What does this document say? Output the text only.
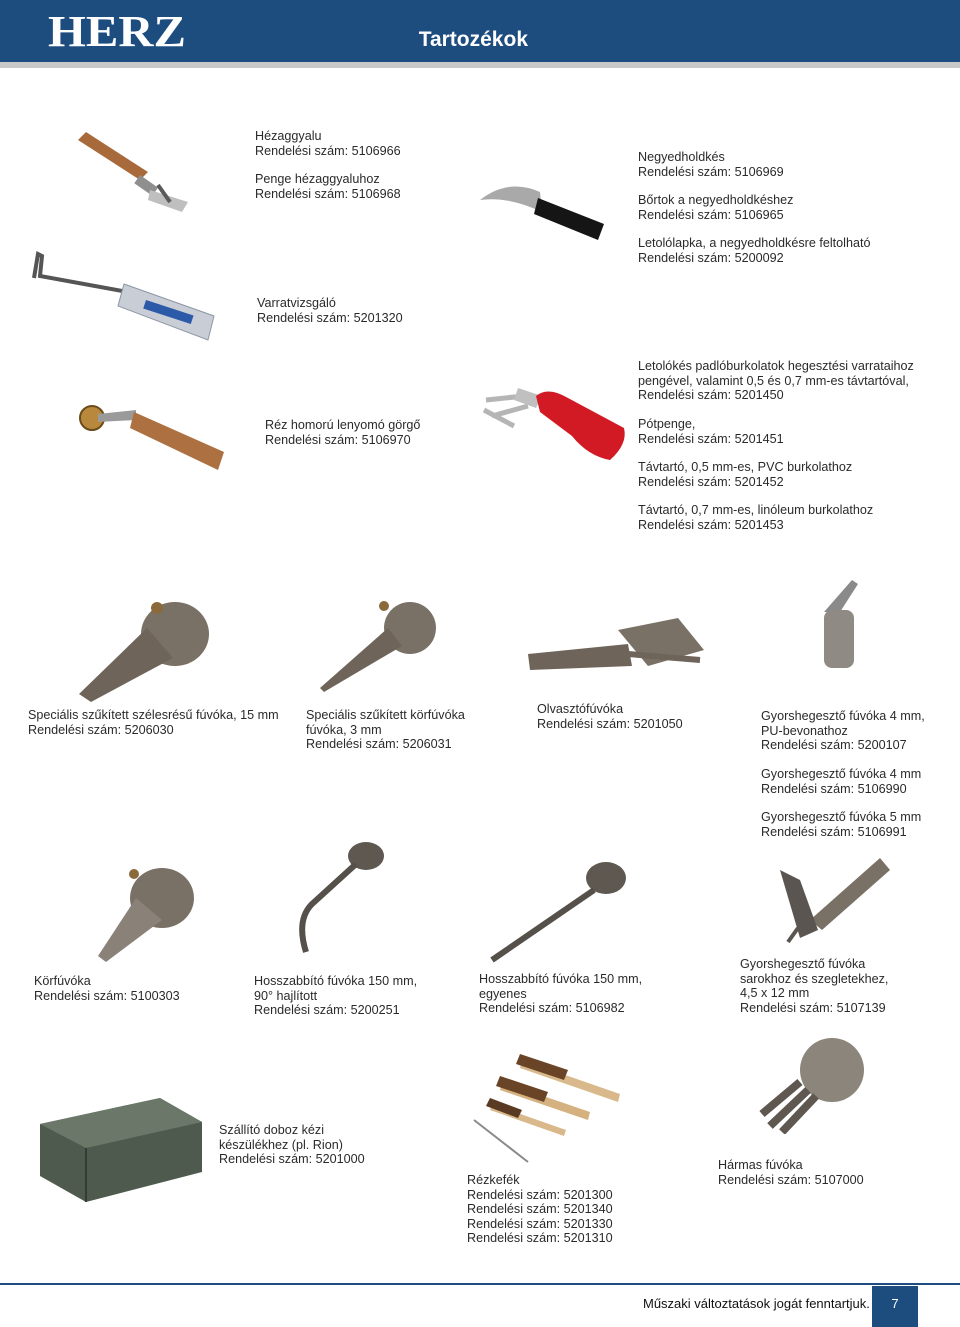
HERZ	Tartozékok
Hézaggyalu
Rendelési szám: 5106966
Penge hézaggyaluhoz
Rendelési szám: 5106968
Negyedholdkés
Rendelési szám: 5106969
Bőrtok a negyedholdkéshez
Rendelési szám: 5106965
Letolólapka, a negyedholdkésre feltolható
Rendelési szám: 5200092
Varratvizsgáló
Rendelési szám: 5201320
Réz homorú lenyomó görgő
Rendelési szám: 5106970
Letolókés padlóburkolatok hegesztési varrataihoz
pengével, valamint 0,5 és 0,7 mm-es távtartóval,
Rendelési szám: 5201450
Pótpenge,
Rendelési szám: 5201451
Távtartó, 0,5 mm-es, PVC burkolathoz
Rendelési szám: 5201452
Távtartó, 0,7 mm-es, linóleum burkolathoz
Rendelési szám: 5201453
Speciális szűkített szélesrésű fúvóka, 15 mm
Rendelési szám: 5206030
Speciális szűkített körfúvóka
fúvóka, 3 mm
Rendelési szám: 5206031
Olvasztófúvóka
Rendelési szám: 5201050
Gyorshegesztő fúvóka 4 mm,
PU-bevonathoz
Rendelési szám: 5200107
Gyorshegesztő fúvóka 4 mm
Rendelési szám: 5106990
Gyorshegesztő fúvóka 5 mm
Rendelési szám: 5106991
Körfúvóka
Rendelési szám: 5100303
Hosszabbító fúvóka 150 mm,
90° hajlított
Rendelési szám: 5200251
Hosszabbító fúvóka 150 mm,
egyenes
Rendelési szám: 5106982
Gyorshegesztő fúvóka
sarokhoz és szegletekhez,
4,5 x 12 mm
Rendelési szám: 5107139
Szállító doboz kézi
készülékhez (pl. Rion)
Rendelési szám: 5201000
Rézkefék
Rendelési szám: 5201300
Rendelési szám: 5201340
Rendelési szám: 5201330
Rendelési szám: 5201310
Hármas fúvóka
Rendelési szám: 5107000
Műszaki változtatások jogát fenntartjuk.	7
